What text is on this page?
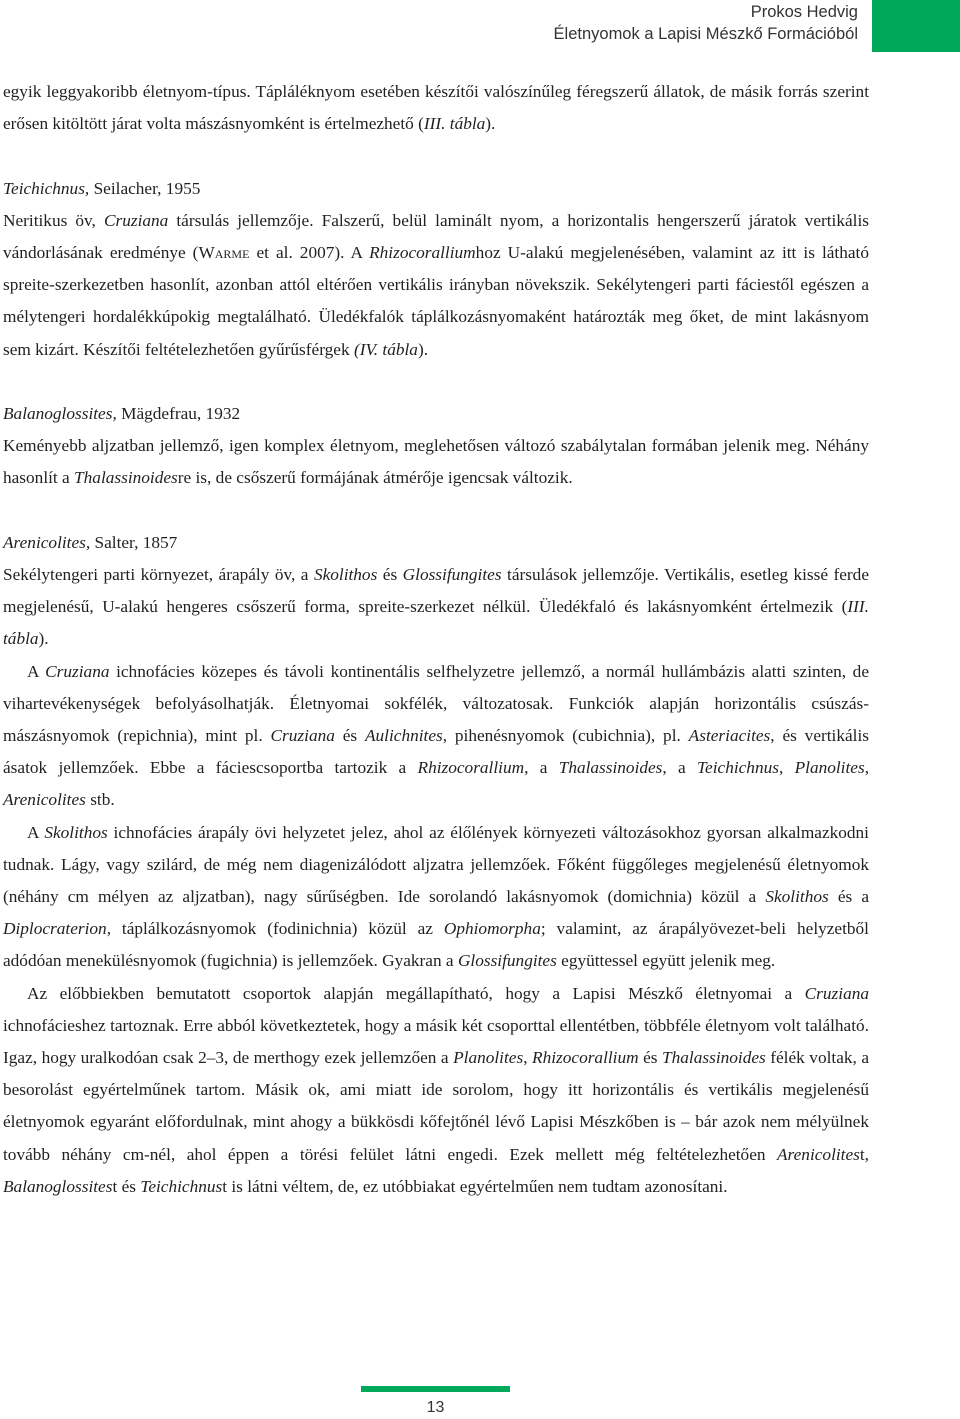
Prokos Hedvig
Életnyomok a Lapisi Mészkő Formációból

egyik leggyakoribb életnyom-típus. Tápláléknyom esetében készítői valószínűleg féregszerű állatok, de másik forrás szerint erősen kitöltött járat volta mászásnyomként is értelmezhető (III. tábla).

Teichichnus, Seilacher, 1955

Neritikus öv, Cruziana társulás jellemzője. Falszerű, belül laminált nyom, a horizontalis hengerszerű járatok vertikális vándorlásának eredménye (Warme et al. 2007). A Rhizocoralliumhoz U-alakú megjelenésében, valamint az itt is látható spreite-szerkezetben hasonlít, azonban attól eltérően vertikális irányban növekszik. Sekélytengeri parti fáciestől egészen a mélytengeri hordalékkúpokig megtalálható. Üledékfalók táplálkozásnyomaként határozták meg őket, de mint lakásnyom sem kizárt. Készítői feltételezhetően gyűrűsférgek (IV. tábla).

Balanoglossites, Mägdefrau, 1932

Keményebb aljzatban jellemző, igen komplex életnyom, meglehetősen változó szabálytalan formában jelenik meg. Néhány hasonlít a Thalassinoidesre is, de csőszerű formájának átmérője igencsak változik.

Arenicolites, Salter, 1857

Sekélytengeri parti környezet, árapály öv, a Skolithos és Glossifungites társulások jellemzője. Vertikális, esetleg kissé ferde megjelenésű, U-alakú hengeres csőszerű forma, spreite-szerkezet nélkül. Üledékfaló és lakásnyomként értelmezik (III. tábla).

A Cruziana ichnofácies közepes és távoli kontinentális selfhelyzetre jellemző, a normál hullámbázis alatti szinten, de vihartevékenységek befolyásolhatják. Életnyomai sokfélék, változatosak. Funkciók alapján horizontális csúszás-mászásnyomok (repichnia), mint pl. Cruziana és Aulichnites, pihenésnyomok (cubichnia), pl. Asteriacites, és vertikális ásatok jellemzőek. Ebbe a fáciescsoportba tartozik a Rhizocorallium, a Thalassinoides, a Teichichnus, Planolites, Arenicolites stb.

A Skolithos ichnofácies árapály övi helyzetet jelez, ahol az élőlények környezeti változásokhoz gyorsan alkalmazkodni tudnak. Lágy, vagy szilárd, de még nem diagenizálódott aljzatra jellemzőek. Főként függőleges megjelenésű életnyomok (néhány cm mélyen az aljzatban), nagy sűrűségben. Ide sorolandó lakásnyomok (domichnia) közül a Skolithos és a Diplocraterion, táplálkozásnyomok (fodinichnia) közül az Ophiomorpha; valamint, az árapályövezet-beli helyzetből adódóan menekülésnyomok (fugichnia) is jellemzőek. Gyakran a Glossifungites együttessel együtt jelenik meg.

Az előbbiekben bemutatott csoportok alapján megállapítható, hogy a Lapisi Mészkő életnyomai a Cruziana ichnofácieshez tartoznak. Erre abból következtetek, hogy a másik két csoporttal ellentétben, többféle életnyom volt található. Igaz, hogy uralkodóan csak 2–3, de merthogy ezek jellemzően a Planolites, Rhizocorallium és Thalassinoides félék voltak, a besorolást egyértelműnek tartom. Másik ok, ami miatt ide sorolom, hogy itt horizontális és vertikális megjelenésű életnyomok egyaránt előfordulnak, mint ahogy a bükkösdi kőfejtőnél lévő Lapisi Mészkőben is – bár azok nem mélyülnek tovább néhány cm-nél, ahol éppen a törési felület látni engedi. Ezek mellett még feltételezhetően Arenicolitest, Balanoglossitest és Teichichnust is látni véltem, de, ez utóbbiakat egyértelműen nem tudtam azonosítani.

13
